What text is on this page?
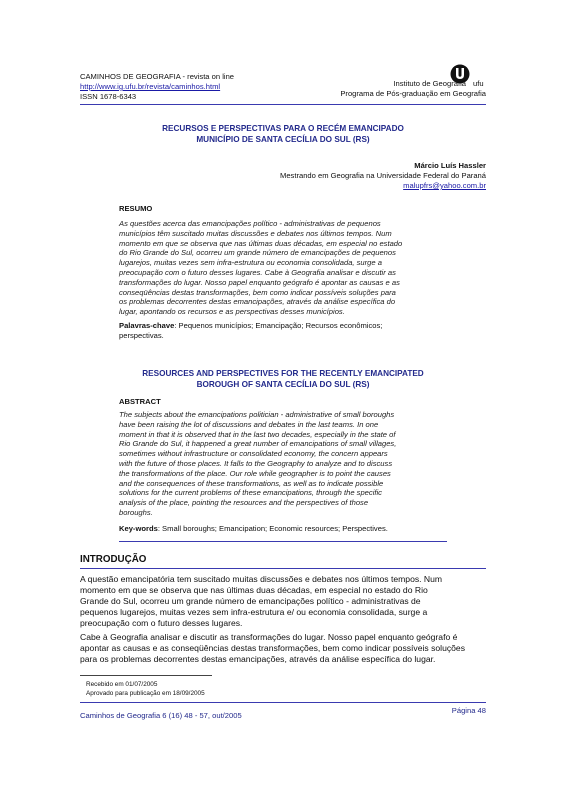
CAMINHOS DE GEOGRAFIA - revista on line
http://www.ig.ufu.br/revista/caminhos.html
ISSN 1678-6343
ufu
Instituto de Geografia
Programa de Pós-graduação em Geografia
RECURSOS E PERSPECTIVAS PARA O RECÉM EMANCIPADO
MUNICÍPIO DE SANTA CECÍLIA DO SUL (RS)
Márcio Luís Hassler
Mestrando em Geografia na Universidade Federal do Paraná
malupfrs@yahoo.com.br
RESUMO
As questões acerca das emancipações político - administrativas de pequenos
municípios têm suscitado muitas discussões e debates nos últimos tempos. Num
momento em que se observa que nas últimas duas décadas, em especial no estado
do Rio Grande do Sul, ocorreu um grande número de emancipações de pequenos
lugarejos, muitas vezes sem infra-estrutura ou economia consolidada, surge a
preocupação com o futuro desses lugares. Cabe à Geografia analisar e discutir as
transformações do lugar. Nosso papel enquanto geógrafo é apontar as causas e as
conseqüências destas transformações, bem como indicar possíveis soluções para
os problemas decorrentes destas emancipações, através da análise específica do
lugar, apontando os recursos e as perspectivas desses municípios.
Palavras-chave: Pequenos municípios; Emancipação; Recursos econômicos;
perspectivas.
RESOURCES AND PERSPECTIVES FOR THE RECENTLY EMANCIPATED
BOROUGH OF SANTA CECÍLIA DO SUL (RS)
ABSTRACT
The subjects about the emancipations politician - administrative of small boroughs
have been raising the lot of discussions and debates in the last teams. In one
moment in that it is observed that in the last two decades, especially in the state of
Rio Grande do Sul, it happened a great number of emancipations of small villages,
sometimes without infrastructure or consolidated economy, the concern appears
with the future of those places. It falls to the Geography to analyze and to discuss
the transformations of the place. Our role while geographer is to point the causes
and the consequences of these transformations, as well as to indicate possible
solutions for the current problems of these emancipations, through the specific
analysis of the place, pointing the resources and the perspectives of those
boroughs.
Key-words: Small boroughs; Emancipation; Economic resources; Perspectives.
INTRODUÇÃO
A questão emancipatória tem suscitado muitas discussões e debates nos últimos tempos. Num
momento em que se observa que nas últimas duas décadas, em especial no estado do Rio
Grande do Sul, ocorreu um grande número de emancipações político - administrativas de
pequenos lugarejos, muitas vezes sem infra-estrutura e/ ou economia consolidada, surge a
preocupação com o futuro desses lugares.
Cabe à Geografia analisar e discutir as transformações do lugar. Nosso papel enquanto geógrafo é
apontar as causas e as conseqüências destas transformações, bem como indicar possíveis soluções
para os problemas decorrentes destas emancipações, através da análise específica do lugar.
Recebido em 01/07/2005
Aprovado para publicação em 18/09/2005
Caminhos de Geografia 6 (16) 48 - 57, out/2005
Página 48
